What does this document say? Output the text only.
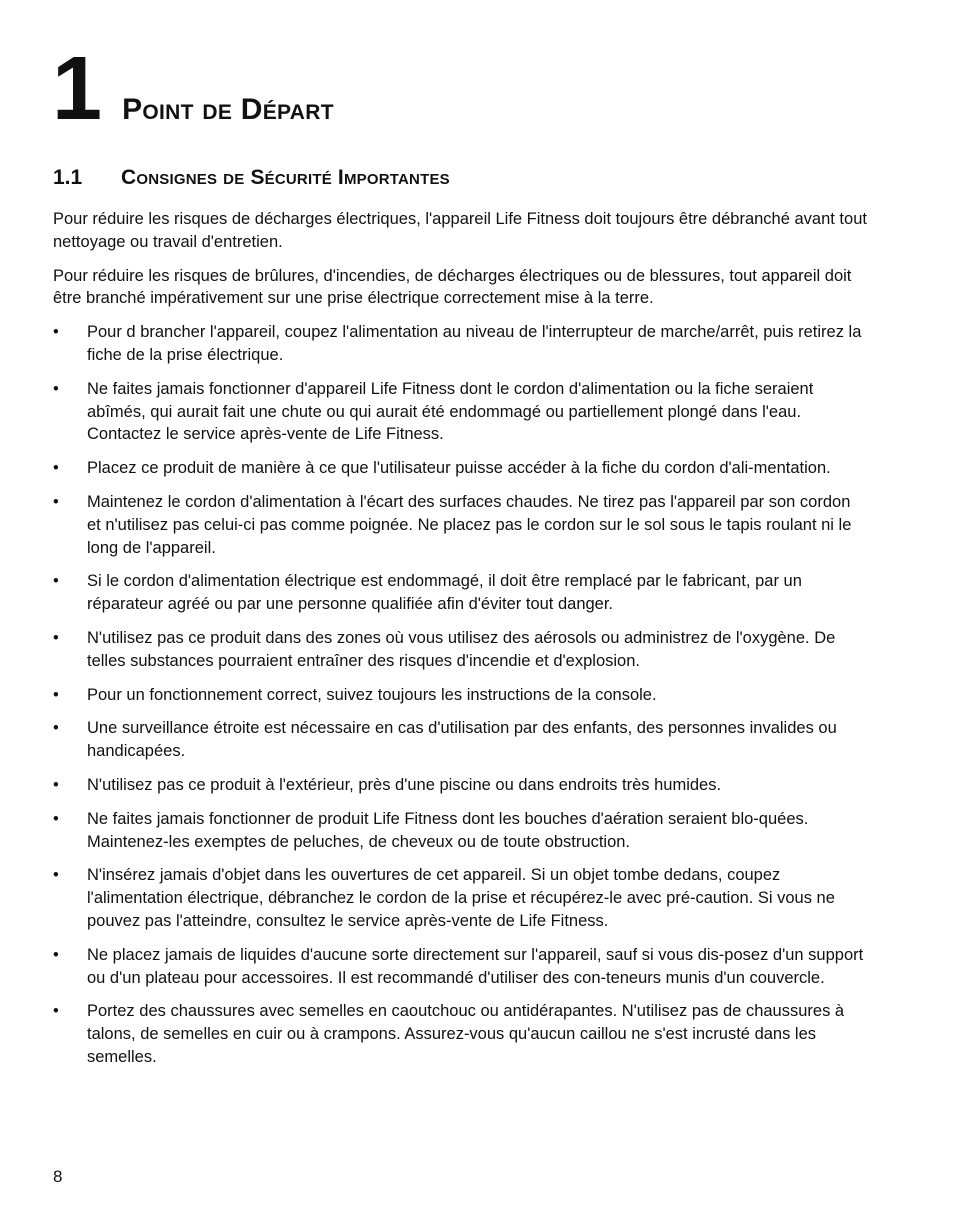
1 Point de Départ
1.1	Consignes de Sécurité Importantes

Pour réduire les risques de décharges électriques, l'appareil Life Fitness doit toujours être débranché avant tout nettoyage ou travail d'entretien.

Pour réduire les risques de brûlures, d'incendies, de décharges électriques ou de blessures, tout appareil doit être branché impérativement sur une prise électrique correctement mise à la terre.

• Pour d brancher l'appareil, coupez l'alimentation au niveau de l'interrupteur de marche/arrêt, puis retirez la fiche de la prise électrique.
• Ne faites jamais fonctionner d'appareil Life Fitness dont le cordon d'alimentation ou la fiche seraient abîmés, qui aurait fait une chute ou qui aurait été endommagé ou partiellement plongé dans l'eau. Contactez le service après-vente de Life Fitness.
• Placez ce produit de manière à ce que l'utilisateur puisse accéder à la fiche du cordon d'ali-mentation.
• Maintenez le cordon d'alimentation à l'écart des surfaces chaudes. Ne tirez pas l'appareil par son cordon et n'utilisez pas celui-ci pas comme poignée. Ne placez pas le cordon sur le sol sous le tapis roulant ni le long de l'appareil.
• Si le cordon d'alimentation électrique est endommagé, il doit être remplacé par le fabricant, par un réparateur agréé ou par une personne qualifiée afin d'éviter tout danger.
• N'utilisez pas ce produit dans des zones où vous utilisez des aérosols ou administrez de l'oxygène. De telles substances pourraient entraîner des risques d'incendie et d'explosion.
• Pour un fonctionnement correct, suivez toujours les instructions de la console.
• Une surveillance étroite est nécessaire en cas d'utilisation par des enfants, des personnes invalides ou handicapées.
• N'utilisez pas ce produit à l'extérieur, près d'une piscine ou dans endroits très humides.
• Ne faites jamais fonctionner de produit Life Fitness dont les bouches d'aération seraient blo-quées. Maintenez-les exemptes de peluches, de cheveux ou de toute obstruction.
• N'insérez jamais d'objet dans les ouvertures de cet appareil. Si un objet tombe dedans, coupez l'alimentation électrique, débranchez le cordon de la prise et récupérez-le avec pré-caution. Si vous ne pouvez pas l'atteindre, consultez le service après-vente de Life Fitness.
• Ne placez jamais de liquides d'aucune sorte directement sur l'appareil, sauf si vous dis-posez d'un support ou d'un plateau pour accessoires. Il est recommandé d'utiliser des con-teneurs munis d'un couvercle.
• Portez des chaussures avec semelles en caoutchouc ou antidérapantes. N'utilisez pas de chaussures à talons, de semelles en cuir ou à crampons. Assurez-vous qu'aucun caillou ne s'est incrusté dans les semelles.
8
